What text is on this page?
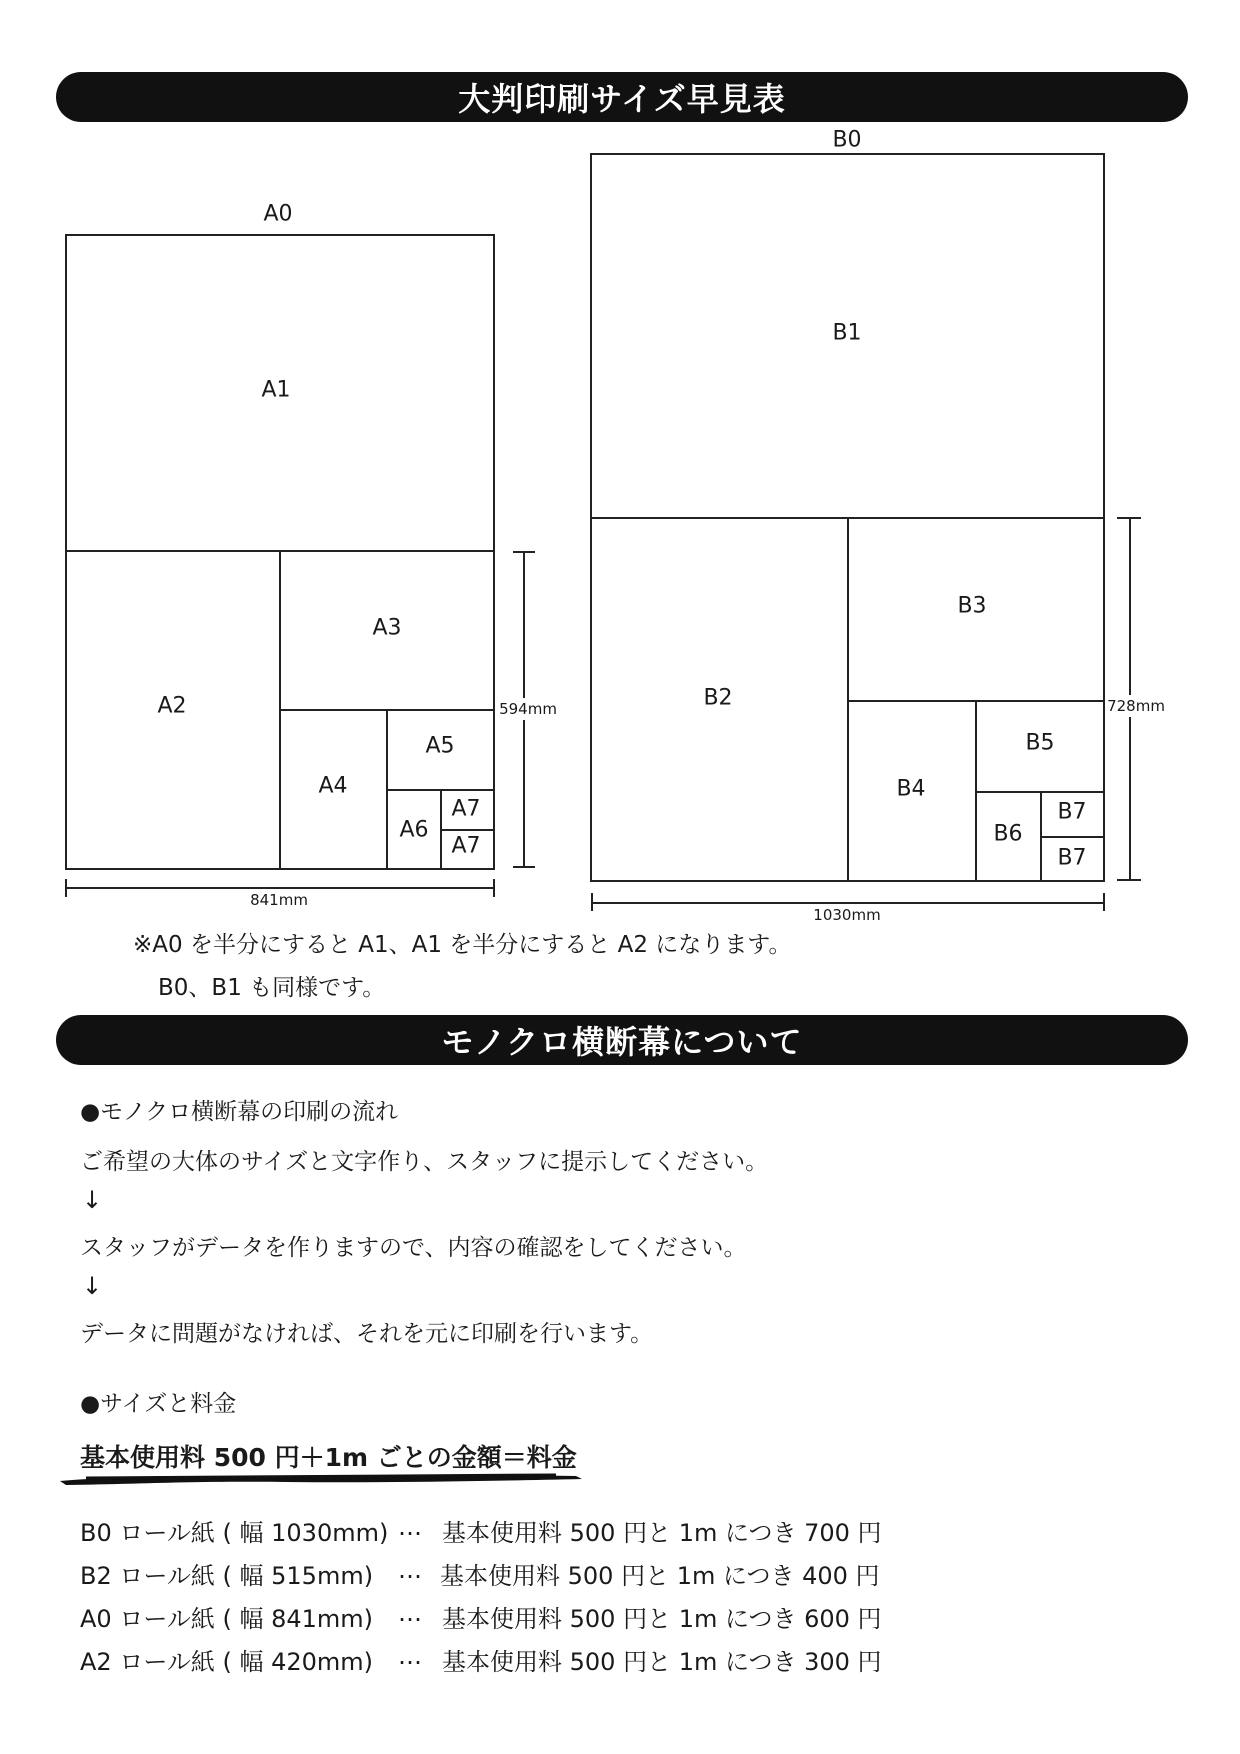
大判印刷サイズ早見表
A0
A1
A2
A3
A4
A5
A6
A7
A7
594mm
841mm
B0
B1
B2
B3
B4
B5
B6
B7
B7
728mm
1030mm
※A0 を半分にすると A1、A1 を半分にすると A2 になります。
B0、B1 も同様です。
モノクロ横断幕について
●モノクロ横断幕の印刷の流れ
ご希望の大体のサイズと文字作り、スタッフに提示してください。
↓
スタッフがデータを作りますので、内容の確認をしてください。
↓
データに問題がなければ、それを元に印刷を行います。
●サイズと料金
基本使用料 500 円＋1m ごとの金額＝料金
B0 ロール紙 ( 幅 1030mm) … 基本使用料 500 円と 1m につき 700 円
B2 ロール紙 ( 幅 515mm) … 基本使用料 500 円と 1m につき 400 円
A0 ロール紙 ( 幅 841mm) … 基本使用料 500 円と 1m につき 600 円
A2 ロール紙 ( 幅 420mm) … 基本使用料 500 円と 1m につき 300 円
